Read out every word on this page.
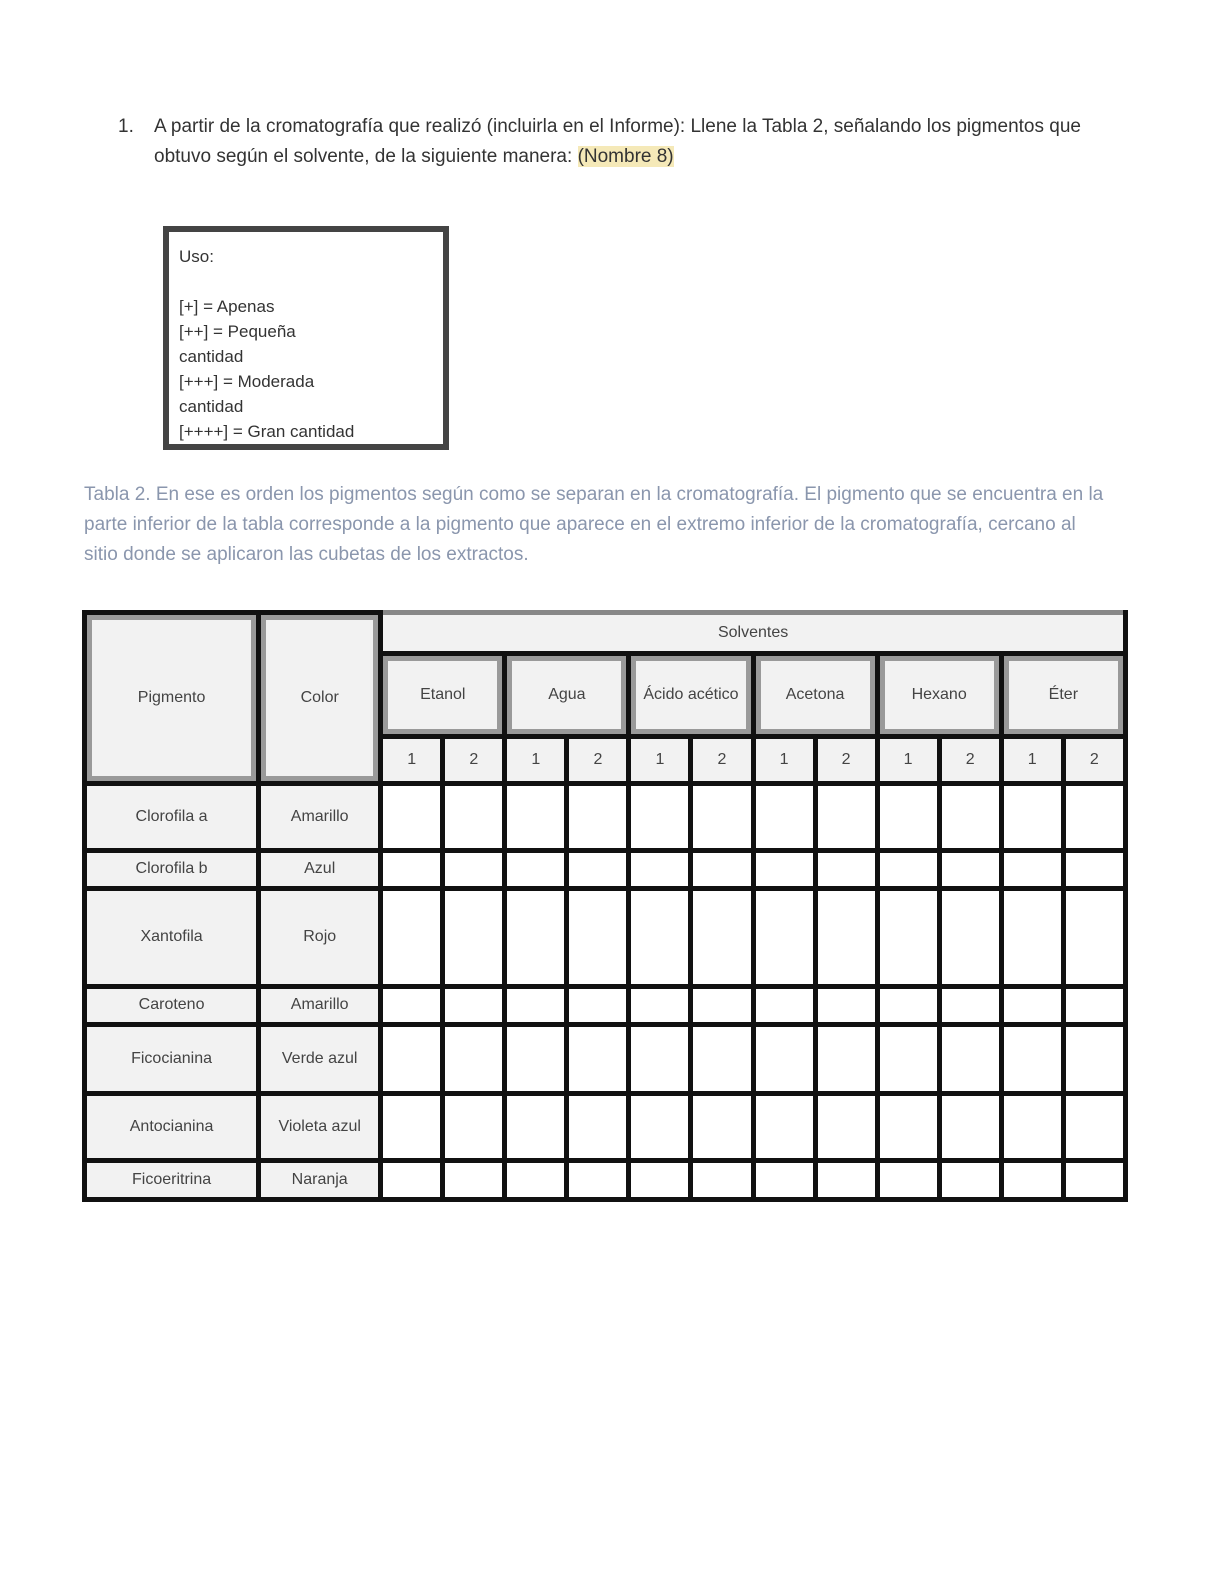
1. A partir de la cromatografía que realizó (incluirla en el Informe): Llene la Tabla 2, señalando los pigmentos que obtuvo según el solvente, de la siguiente manera: (Nombre 8)
Uso:
[+] = Apenas
[++] = Pequeña
cantidad
[+++] = Moderada
cantidad
[++++] = Gran cantidad
Tabla 2. En ese es orden los pigmentos según como se separan en la cromatografía. El pigmento que se encuentra en la parte inferior de la tabla corresponde a la pigmento que aparece en el extremo inferior de la cromatografía, cercano al sitio donde se aplicaron las cubetas de los extractos.
Pigmento	Color	Solventes											
		Etanol		Agua		Ácido acético		Acetona		Hexano		Éter	
		1	2	1	2	1	2	1	2	1	2	1	2
Clorofila a	Amarillo												
Clorofila b	Azul												
Xantofila	Rojo												
Caroteno	Amarillo												
Ficocianina	Verde azul												
Antocianina	Violeta azul												
Ficoeritrina	Naranja												
